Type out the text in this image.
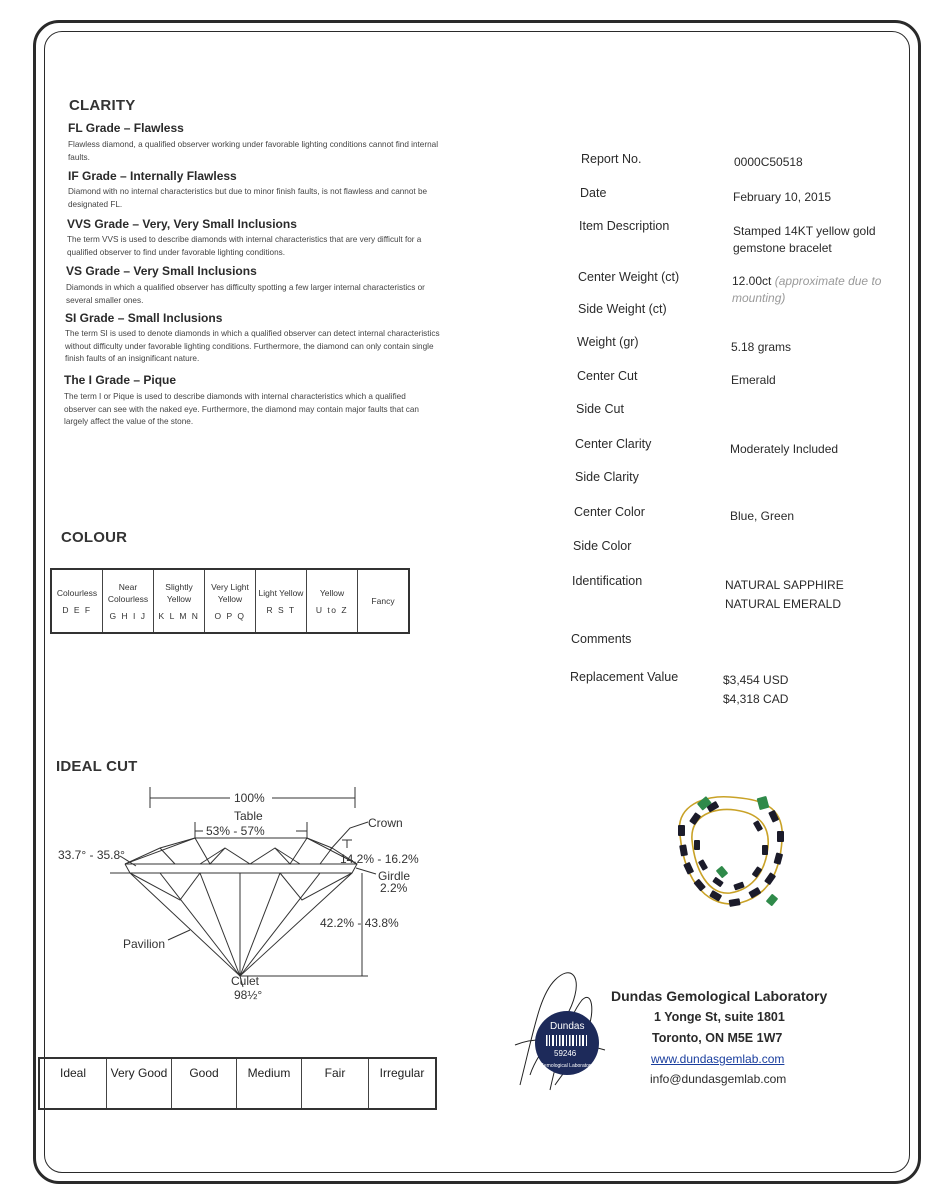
CLARITY
FL Grade – Flawless
Flawless diamond, a qualified observer working under favorable lighting conditions cannot find internal faults.
IF Grade – Internally Flawless
Diamond with no internal characteristics but due to minor finish faults, is not flawless and cannot be designated FL.
VVS Grade – Very, Very Small Inclusions
The term VVS is used to describe diamonds with internal characteristics that are very difficult for a qualified observer to find under favorable lighting conditions.
VS Grade – Very Small Inclusions
Diamonds in which a qualified observer has difficulty spotting a few larger internal characteristics or several smaller ones.
SI Grade – Small Inclusions
The term SI is used to denote diamonds in which a qualified observer can detect internal characteristics without difficulty under favorable lighting conditions. Furthermore, the diamond can only contain single finish faults of an insignificant nature.
The I Grade – Pique
The term I or Pique is used to describe diamonds with internal characteristics which a qualified observer can see with the naked eye. Furthermore, the diamond may contain major faults that can largely affect the value of the stone.
COLOUR
Colourless
D E F

Near Colourless
G H I J

Slightly Yellow
K L M N

Very Light Yellow
O P Q

Light Yellow
R S T

Yellow
U to Z

Fancy
IDEAL CUT
100%
Table
53% - 57%
Crown
33.7° - 35.8°	14.2% - 16.2%
Girdle
2.2%
42.2% - 43.8%
Pavilion
Culet
98½°
Ideal	Very Good	Good	Medium	Fair	Irregular
Report No.	0000C50518
Date	February 10, 2015
Item Description	Stamped 14KT yellow gold gemstone bracelet
Center Weight (ct)	12.00ct (approximate due to mounting)
Side Weight (ct)
Weight (gr)	5.18 grams
Center Cut	Emerald
Side Cut
Center Clarity	Moderately Included
Side Clarity
Center Color	Blue, Green
Side Color
Identification	NATURAL SAPPHIRE
NATURAL EMERALD
Comments
Replacement Value	$3,454 USD
$4,318 CAD
Dundas
59246
Gemological Laboratory
Dundas Gemological Laboratory
1 Yonge St, suite 1801
Toronto, ON M5E 1W7
www.dundasgemlab.com
info@dundasgemlab.com
